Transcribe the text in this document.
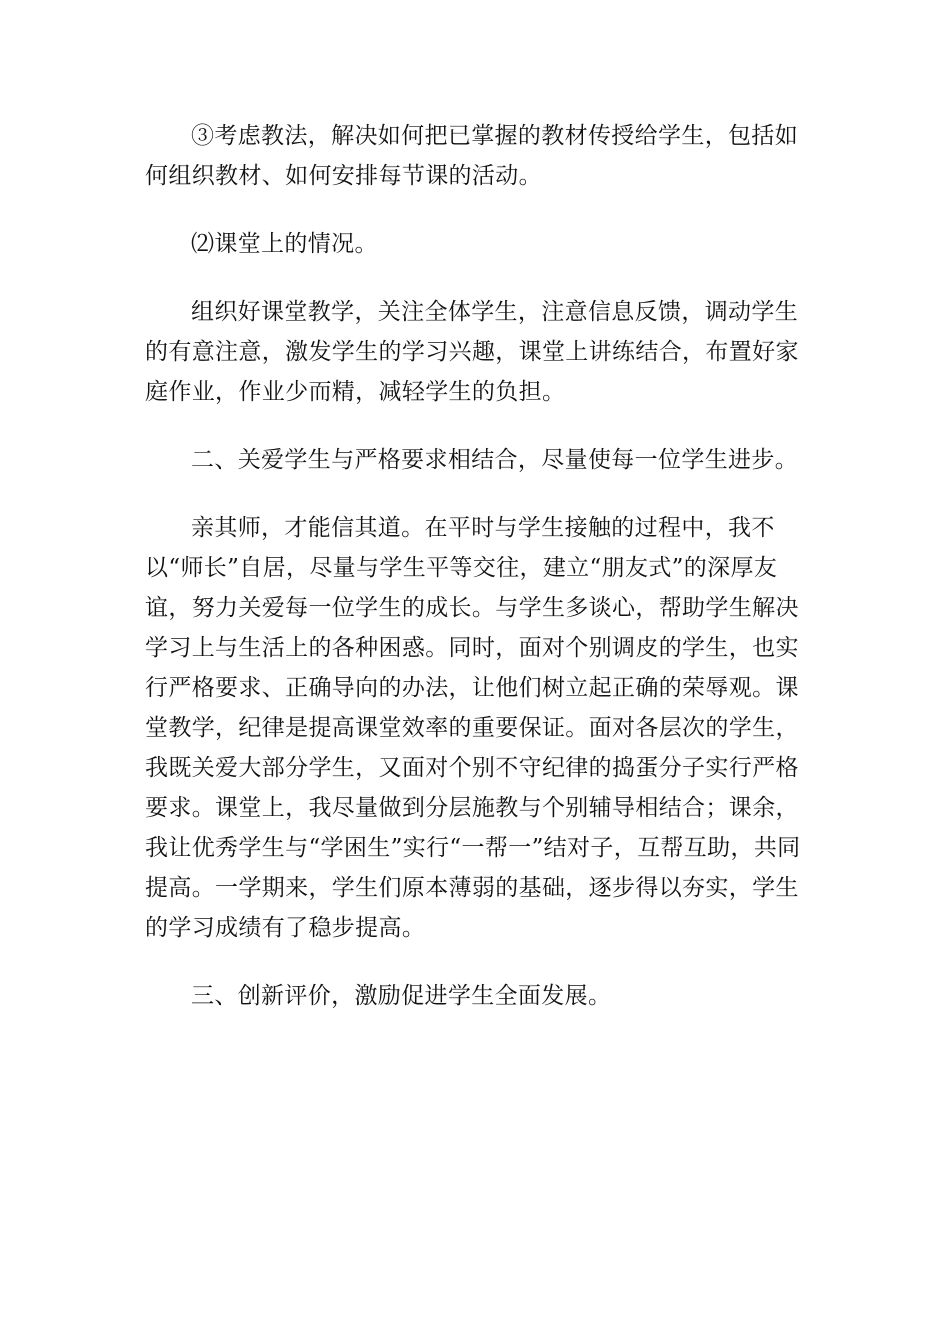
③考虑教法，解决如何把已掌握的教材传授给学生，包括如何组织教材、如何安排每节课的活动。

⑵课堂上的情况。

组织好课堂教学，关注全体学生，注意信息反馈，调动学生的有意注意，激发学生的学习兴趣，课堂上讲练结合，布置好家庭作业，作业少而精，减轻学生的负担。

二、关爱学生与严格要求相结合，尽量使每一位学生进步。

亲其师，才能信其道。在平时与学生接触的过程中，我不以“师长”自居，尽量与学生平等交往，建立“朋友式”的深厚友谊，努力关爱每一位学生的成长。与学生多谈心，帮助学生解决学习上与生活上的各种困惑。同时，面对个别调皮的学生，也实行严格要求、正确导向的办法，让他们树立起正确的荣辱观。课堂教学，纪律是提高课堂效率的重要保证。面对各层次的学生，我既关爱大部分学生，又面对个别不守纪律的捣蛋分子实行严格要求。课堂上，我尽量做到分层施教与个别辅导相结合；课余，我让优秀学生与“学困生”实行“一帮一”结对子，互帮互助，共同提高。一学期来，学生们原本薄弱的基础，逐步得以夯实，学生的学习成绩有了稳步提高。

三、创新评价，激励促进学生全面发展。
